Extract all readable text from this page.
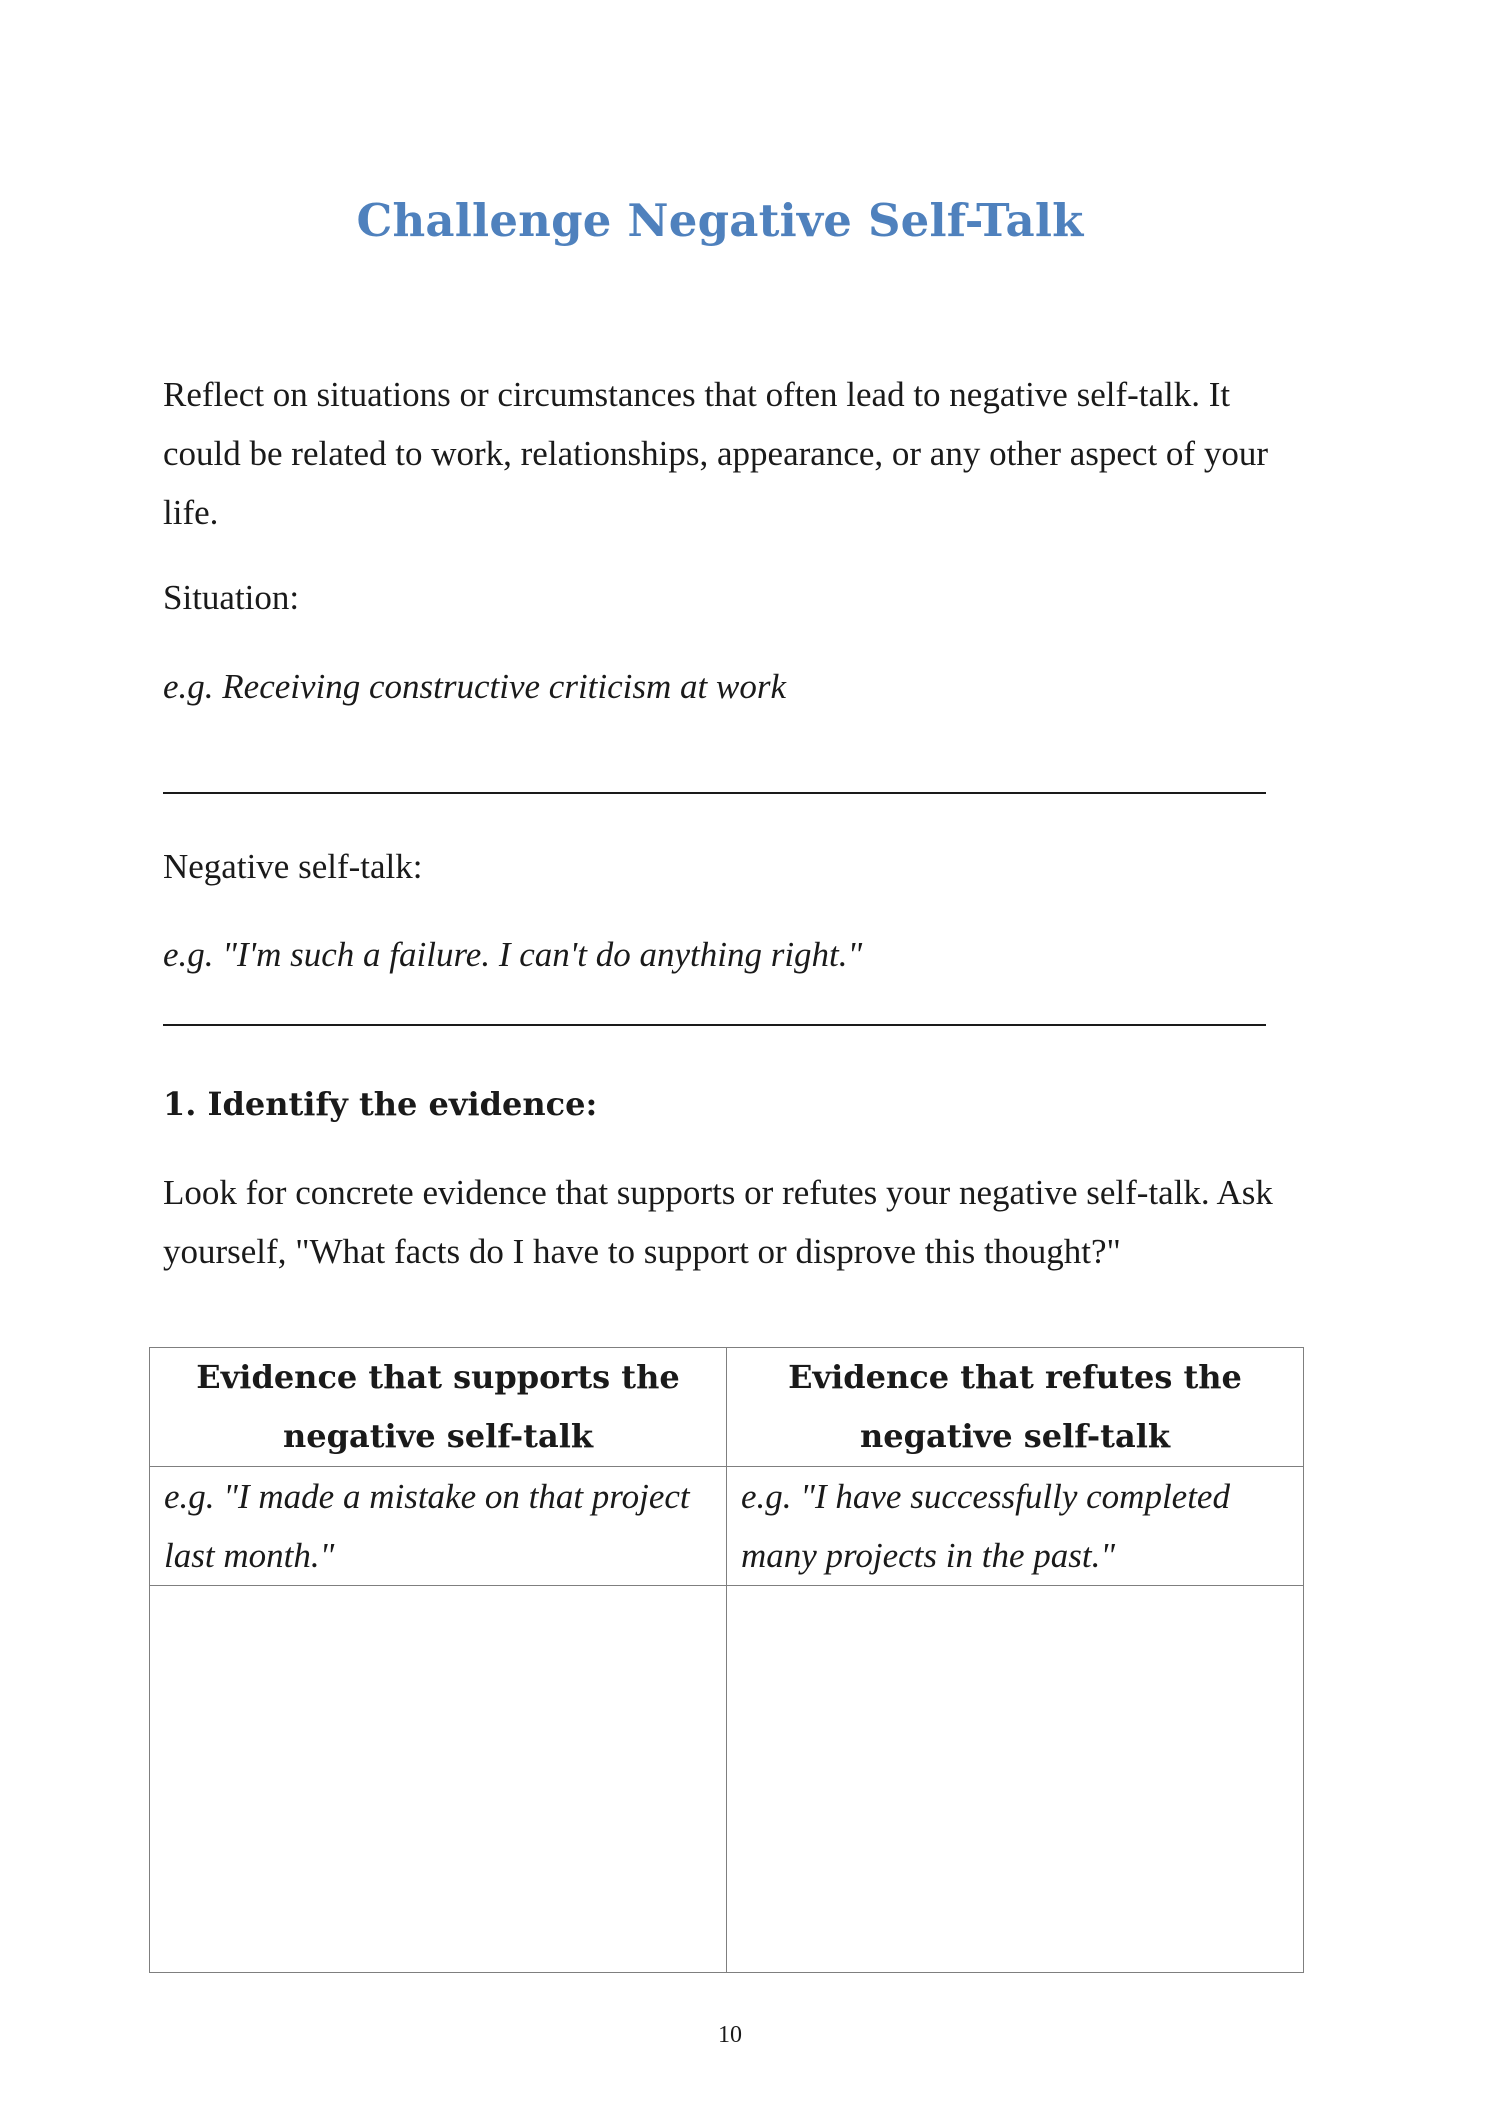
Challenge Negative Self-Talk

Reflect on situations or circumstances that often lead to negative self-talk. It could be related to work, relationships, appearance, or any other aspect of your life.

Situation:

e.g. Receiving constructive criticism at work

Negative self-talk:

e.g. "I'm such a failure. I can't do anything right."

1. Identify the evidence:

Look for concrete evidence that supports or refutes your negative self-talk. Ask yourself, "What facts do I have to support or disprove this thought?"

Evidence that supports the negative self-talk	Evidence that refutes the negative self-talk
e.g. "I made a mistake on that project last month."	e.g. "I have successfully completed many projects in the past."

10
